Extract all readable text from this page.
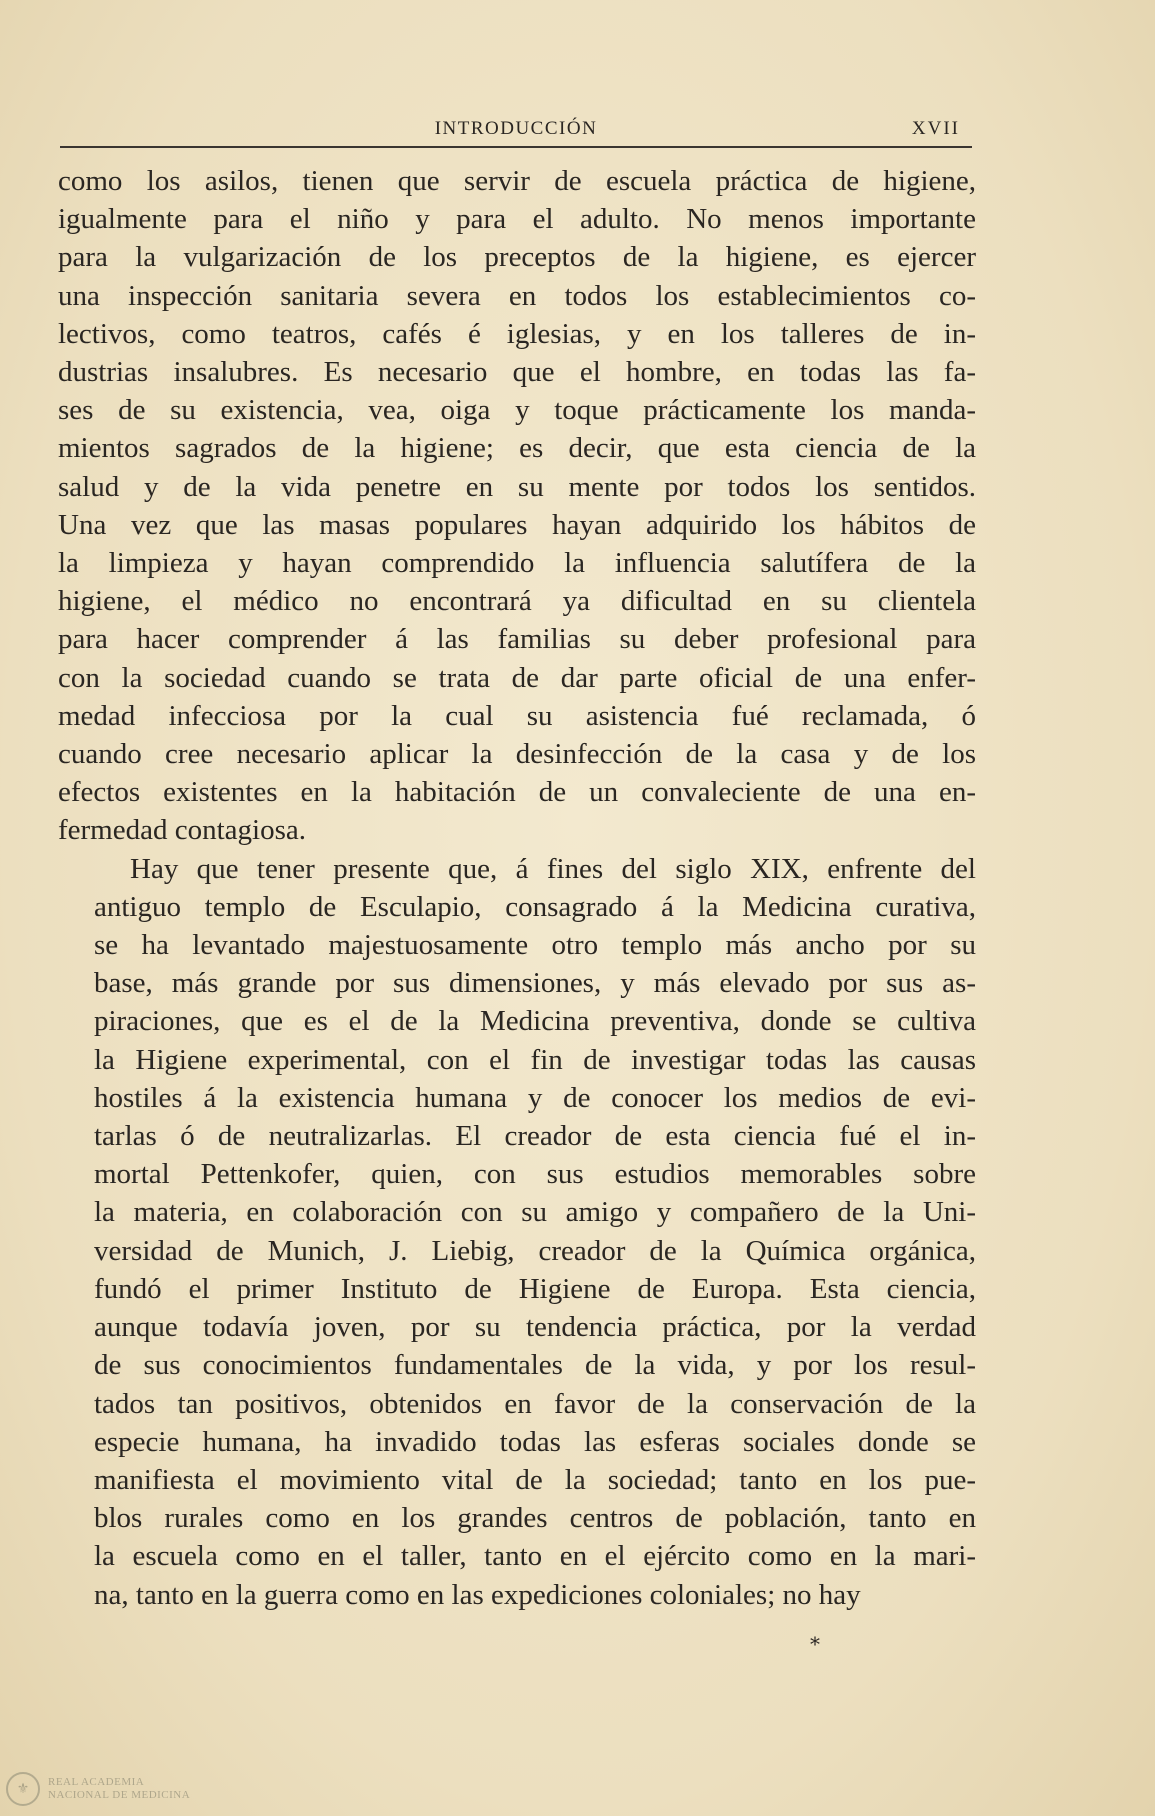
INTRODUCCIÓN	XVII

como los asilos, tienen que servir de escuela práctica de higiene,
igualmente para el niño y para el adulto. No menos importante
para la vulgarización de los preceptos de la higiene, es ejercer
una inspección sanitaria severa en todos los establecimientos co-
lectivos, como teatros, cafés é iglesias, y en los talleres de in-
dustrias insalubres. Es necesario que el hombre, en todas las fa-
ses de su existencia, vea, oiga y toque prácticamente los manda-
mientos sagrados de la higiene; es decir, que esta ciencia de la
salud y de la vida penetre en su mente por todos los sentidos.
Una vez que las masas populares hayan adquirido los hábitos de
la limpieza y hayan comprendido la influencia salutífera de la
higiene, el médico no encontrará ya dificultad en su clientela
para hacer comprender á las familias su deber profesional para
con la sociedad cuando se trata de dar parte oficial de una enfer-
medad infecciosa por la cual su asistencia fué reclamada, ó
cuando cree necesario aplicar la desinfección de la casa y de los
efectos existentes en la habitación de un convaleciente de una en-
fermedad contagiosa.

Hay que tener presente que, á fines del siglo XIX, enfrente del
antiguo templo de Esculapio, consagrado á la Medicina curativa,
se ha levantado majestuosamente otro templo más ancho por su
base, más grande por sus dimensiones, y más elevado por sus as-
piraciones, que es el de la Medicina preventiva, donde se cultiva
la Higiene experimental, con el fin de investigar todas las causas
hostiles á la existencia humana y de conocer los medios de evi-
tarlas ó de neutralizarlas. El creador de esta ciencia fué el in-
mortal Pettenkofer, quien, con sus estudios memorables sobre
la materia, en colaboración con su amigo y compañero de la Uni-
versidad de Munich, J. Liebig, creador de la Química orgánica,
fundó el primer Instituto de Higiene de Europa. Esta ciencia,
aunque todavía joven, por su tendencia práctica, por la verdad
de sus conocimientos fundamentales de la vida, y por los resul-
tados tan positivos, obtenidos en favor de la conservación de la
especie humana, ha invadido todas las esferas sociales donde se
manifiesta el movimiento vital de la sociedad; tanto en los pue-
blos rurales como en los grandes centros de población, tanto en
la escuela como en el taller, tanto en el ejército como en la mari-
na, tanto en la guerra como en las expediciones coloniales; no hay

*
⚜	REAL ACADEMIA
NACIONAL DE MEDICINA
